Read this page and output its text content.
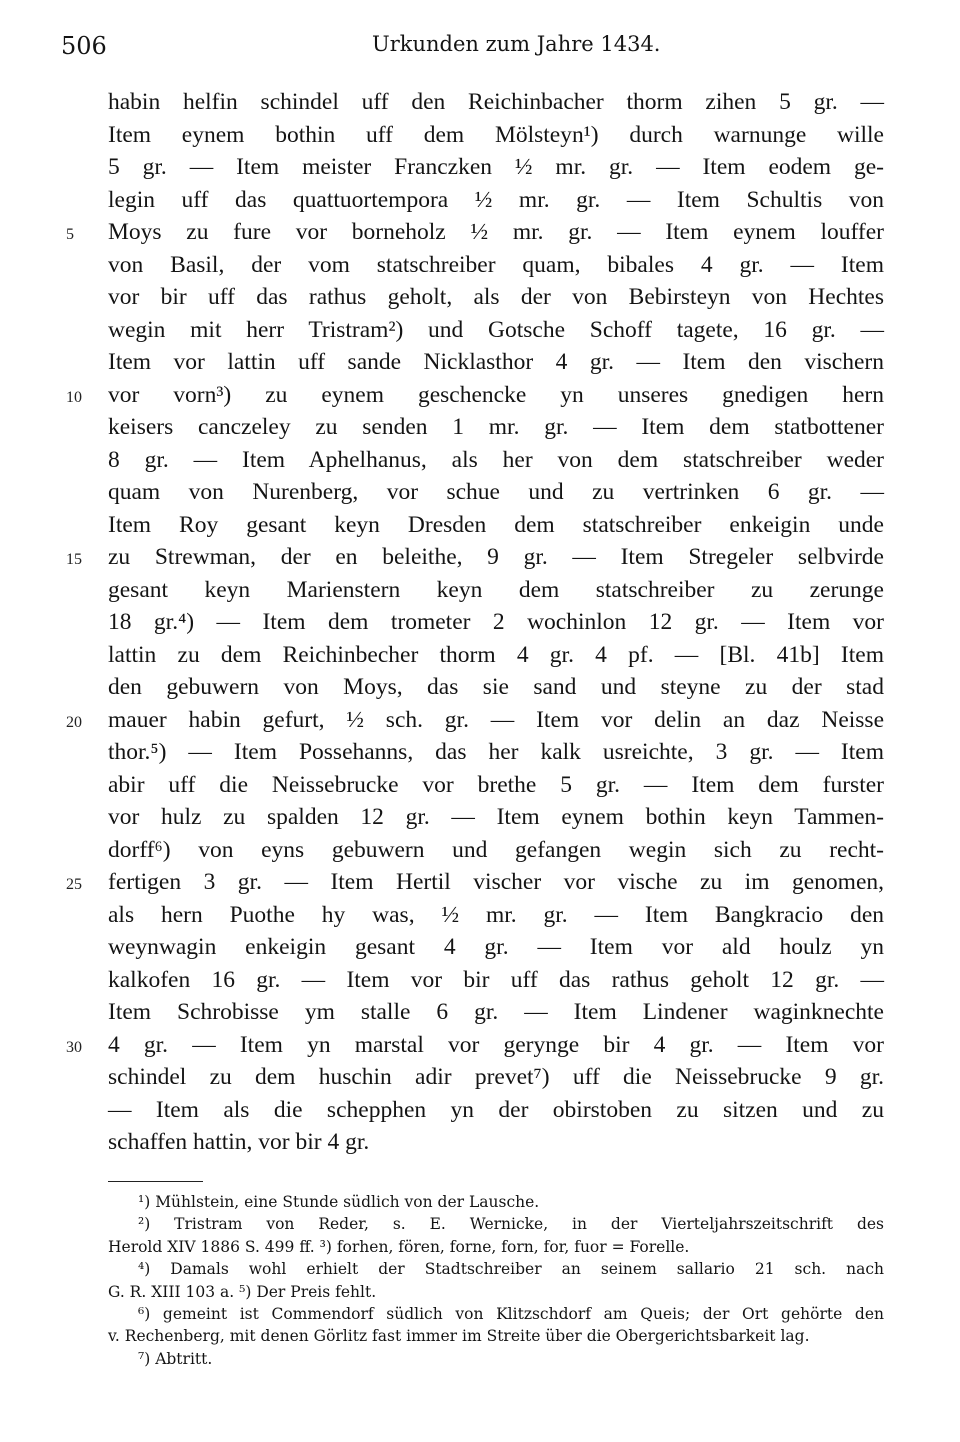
506	Urkunden zum Jahre 1434.
habin helfin schindel uff den Reichinbacher thorm zihen 5 gr. —
Item eynem bothin uff dem Mölsteyn¹) durch warnunge wille
5 gr. — Item meister Franczken ½ mr. gr. — Item eodem ge-
legin uff das quattuortempora ½ mr. gr. — Item Schultis von
5 Moys zu fure vor borneholz ½ mr. gr. — Item eynem louffer
von Basil, der vom statschreiber quam, bibales 4 gr. — Item
vor bir uff das rathus geholt, als der von Bebirsteyn von Hechtes
wegin mit herr Tristram²) und Gotsche Schoff tagete, 16 gr. —
Item vor lattin uff sande Nicklasthor 4 gr. — Item den vischern
10 vor vorn³) zu eynem geschencke yn unseres gnedigen hern
keisers canczeley zu senden 1 mr. gr. — Item dem statbottener
8 gr. — Item Aphelhanus, als her von dem statschreiber weder
quam von Nurenberg, vor schue und zu vertrinken 6 gr. —
Item Roy gesant keyn Dresden dem statschreiber enkeigin unde
15 zu Strewman, der en beleithe, 9 gr. — Item Stregeler selbvirde
gesant keyn Marienstern keyn dem statschreiber zu zerunge
18 gr.⁴) — Item dem trometer 2 wochinlon 12 gr. — Item vor
lattin zu dem Reichinbecher thorm 4 gr. 4 pf. — [Bl. 41b] Item
den gebuwern von Moys, das sie sand und steyne zu der stad
20 mauer habin gefurt, ½ sch. gr. — Item vor delin an daz Neisse
thor.⁵) — Item Possehanns, das her kalk usreichte, 3 gr. — Item
abir uff die Neissebrucke vor brethe 5 gr. — Item dem furster
vor hulz zu spalden 12 gr. — Item eynem bothin keyn Tammen-
dorff⁶) von eyns gebuwern und gefangen wegin sich zu recht-
25 fertigen 3 gr. — Item Hertil vischer vor vische zu im genomen,
als hern Puothe hy was, ½ mr. gr. — Item Bangkracio den
weynwagin enkeigin gesant 4 gr. — Item vor ald houlz yn
kalkofen 16 gr. — Item vor bir uff das rathus geholt 12 gr. —
Item Schrobisse ym stalle 6 gr. — Item Lindener waginknechte
30 4 gr. — Item yn marstal vor gerynge bir 4 gr. — Item vor
schindel zu dem huschin adir prevet⁷) uff die Neissebrucke 9 gr.
— Item als die schepphen yn der obirstoben zu sitzen und zu
schaffen hattin, vor bir 4 gr.
¹) Mühlstein, eine Stunde südlich von der Lausche.
²) Tristram von Reder, s. E. Wernicke, in der Vierteljahrszeitschrift des
Herold XIV 1886 S. 499 ff. ³) forhen, fören, forne, forn, for, fuor = Forelle.
⁴) Damals wohl erhielt der Stadtschreiber an seinem sallario 21 sch. nach
G. R. XIII 103 a. ⁵) Der Preis fehlt.
⁶) gemeint ist Commendorf südlich von Klitzschdorf am Queis; der Ort gehörte den
v. Rechenberg, mit denen Görlitz fast immer im Streite über die Obergerichtsbarkeit lag.
⁷) Abtritt.
